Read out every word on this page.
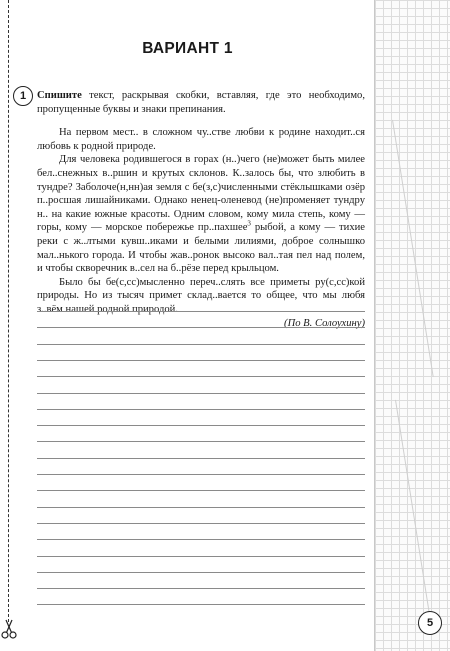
ВАРИАНТ 1
1	Спишите текст, раскрывая скобки, вставляя, где это необходимо, пропущенные буквы и знаки препинания.

На первом мест.. в сложном чу..стве любви к родине находит..ся любовь к родной природе.

Для человека родившегося в горах (н..)чего (не)может быть милее бел..снежных в..ршин и крутых склонов. К..залось бы, что злюбить в тундре? Заболоче(н,нн)ая земля с бе(з,с)численными стёклышками озёр п..росшая лишайниками. Однако ненец-оленевод (не)променяет тундру н.. на какие южные красоты. Одним словом, кому мила степь, кому — горы, кому — морское побережье пр..пахшее$^3$ рыбой, а кому — тихие реки с ж..лтыми кувш..иками и белыми лилиями, доброе солнышко мал..нького города. И чтобы жав..ронок высоко вал..тая пел над полем, и чтобы скворечник в..сел на б..рёзе перед крыльцом.

Было бы бе(с,сс)мысленно переч..слять все приметы ру(с,сс)кой природы. Но из тысяч примет склад..вается то общее, что мы любя з..вём нашей родной природой.

(По В. Солоухину)

5
